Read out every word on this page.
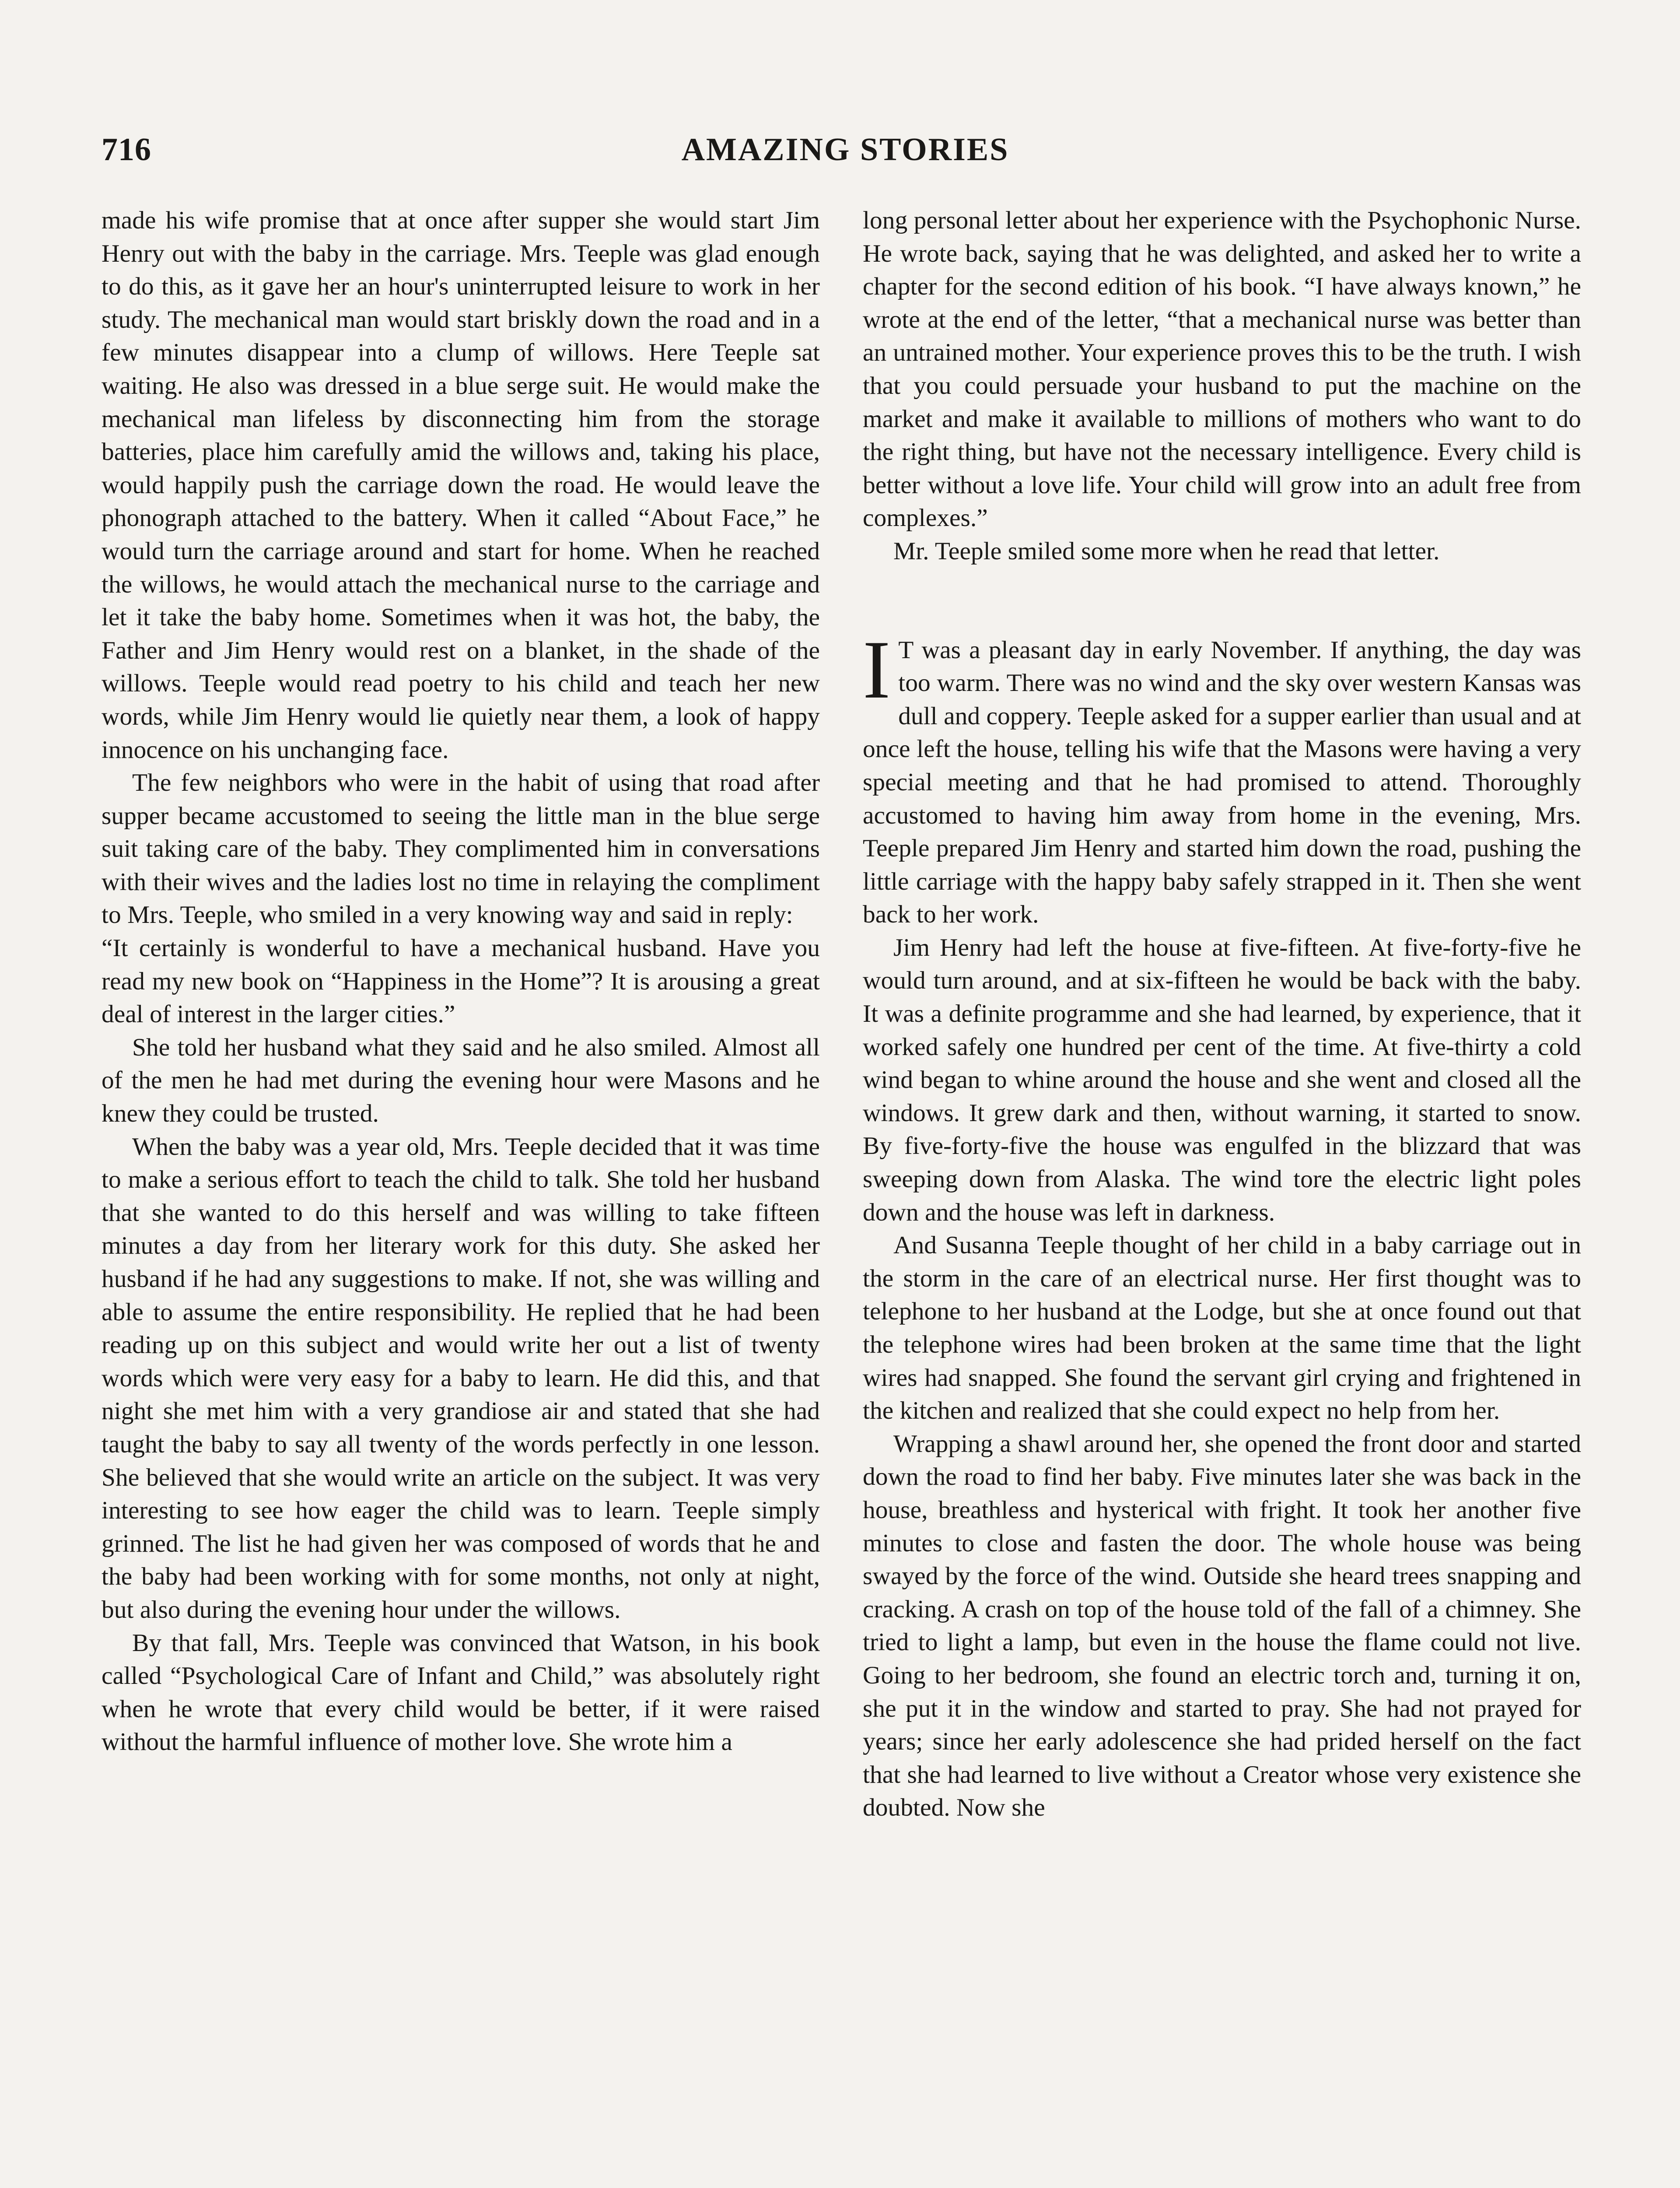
716	AMAZING STORIES

made his wife promise that at once after supper she would start Jim Henry out with the baby in the carriage. Mrs. Teeple was glad enough to do this, as it gave her an hour's uninterrupted leisure to work in her study. The mechanical man would start briskly down the road and in a few minutes disappear into a clump of willows. Here Teeple sat waiting. He also was dressed in a blue serge suit. He would make the mechanical man lifeless by disconnecting him from the storage batteries, place him carefully amid the willows and, taking his place, would happily push the carriage down the road. He would leave the phonograph attached to the battery. When it called “About Face,” he would turn the carriage around and start for home. When he reached the willows, he would attach the mechanical nurse to the carriage and let it take the baby home. Sometimes when it was hot, the baby, the Father and Jim Henry would rest on a blanket, in the shade of the willows. Teeple would read poetry to his child and teach her new words, while Jim Henry would lie quietly near them, a look of happy innocence on his unchanging face.

The few neighbors who were in the habit of using that road after supper became accustomed to seeing the little man in the blue serge suit taking care of the baby. They complimented him in conversations with their wives and the ladies lost no time in relaying the compliment to Mrs. Teeple, who smiled in a very knowing way and said in reply:

“It certainly is wonderful to have a mechanical husband. Have you read my new book on “Happiness in the Home”? It is arousing a great deal of interest in the larger cities.”

She told her husband what they said and he also smiled. Almost all of the men he had met during the evening hour were Masons and he knew they could be trusted.

When the baby was a year old, Mrs. Teeple decided that it was time to make a serious effort to teach the child to talk. She told her husband that she wanted to do this herself and was willing to take fifteen minutes a day from her literary work for this duty. She asked her husband if he had any suggestions to make. If not, she was willing and able to assume the entire responsibility. He replied that he had been reading up on this subject and would write her out a list of twenty words which were very easy for a baby to learn. He did this, and that night she met him with a very grandiose air and stated that she had taught the baby to say all twenty of the words perfectly in one lesson. She believed that she would write an article on the subject. It was very interesting to see how eager the child was to learn. Teeple simply grinned. The list he had given her was composed of words that he and the baby had been working with for some months, not only at night, but also during the evening hour under the willows.

By that fall, Mrs. Teeple was convinced that Watson, in his book called “Psychological Care of Infant and Child,” was absolutely right when he wrote that every child would be better, if it were raised without the harmful influence of mother love. She wrote him a

long personal letter about her experience with the Psychophonic Nurse. He wrote back, saying that he was delighted, and asked her to write a chapter for the second edition of his book. “I have always known,” he wrote at the end of the letter, “that a mechanical nurse was better than an untrained mother. Your experience proves this to be the truth. I wish that you could persuade your husband to put the machine on the market and make it available to millions of mothers who want to do the right thing, but have not the necessary intelligence. Every child is better without a love life. Your child will grow into an adult free from complexes.”

Mr. Teeple smiled some more when he read that letter.

I T was a pleasant day in early November. If anything, the day was too warm. There was no wind and the sky over western Kansas was dull and coppery. Teeple asked for a supper earlier than usual and at once left the house, telling his wife that the Masons were having a very special meeting and that he had promised to attend. Thoroughly accustomed to having him away from home in the evening, Mrs. Teeple prepared Jim Henry and started him down the road, pushing the little carriage with the happy baby safely strapped in it. Then she went back to her work.

Jim Henry had left the house at five-fifteen. At five-forty-five he would turn around, and at six-fifteen he would be back with the baby. It was a definite programme and she had learned, by experience, that it worked safely one hundred per cent of the time. At five-thirty a cold wind began to whine around the house and she went and closed all the windows. It grew dark and then, without warning, it started to snow. By five-forty-five the house was engulfed in the blizzard that was sweeping down from Alaska. The wind tore the electric light poles down and the house was left in darkness.

And Susanna Teeple thought of her child in a baby carriage out in the storm in the care of an electrical nurse. Her first thought was to telephone to her husband at the Lodge, but she at once found out that the telephone wires had been broken at the same time that the light wires had snapped. She found the servant girl crying and frightened in the kitchen and realized that she could expect no help from her.

Wrapping a shawl around her, she opened the front door and started down the road to find her baby. Five minutes later she was back in the house, breathless and hysterical with fright. It took her another five minutes to close and fasten the door. The whole house was being swayed by the force of the wind. Outside she heard trees snapping and cracking. A crash on top of the house told of the fall of a chimney. She tried to light a lamp, but even in the house the flame could not live. Going to her bedroom, she found an electric torch and, turning it on, she put it in the window and started to pray. She had not prayed for years; since her early adolescence she had prided herself on the fact that she had learned to live without a Creator whose very existence she doubted. Now she
